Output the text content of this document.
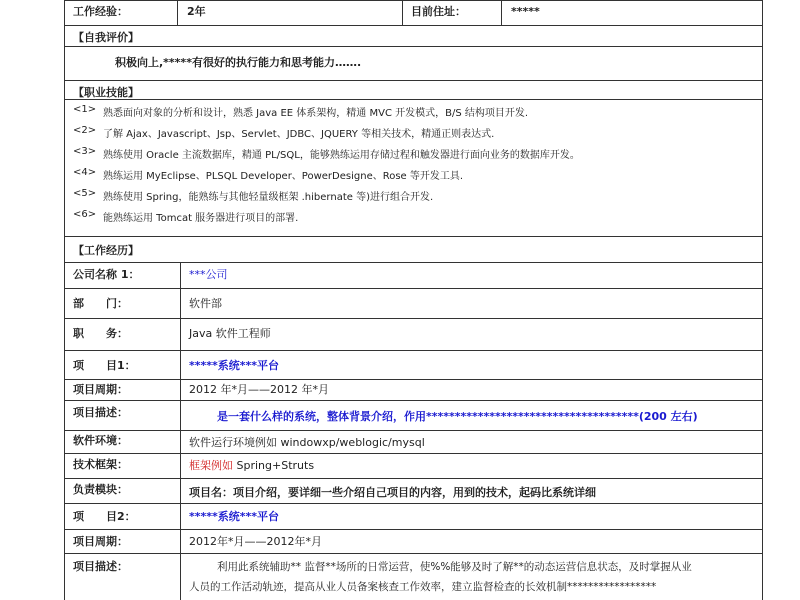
工作经验：	2年	目前住址：	*****
【自我评价】
积极向上,*****有很好的执行能力和思考能力…….
【职业技能】
<1> 熟悉面向对象的分析和设计，熟悉 Java EE 体系架构，精通 MVC 开发模式，B/S 结构项目开发.
<2> 了解 Ajax、Javascript、Jsp、Servlet、JDBC、JQUERY 等相关技术，精通正则表达式.
<3> 熟练使用 Oracle 主流数据库，精通 PL/SQL，能够熟练运用存储过程和触发器进行面向业务的数据库开发。
<4> 熟练运用 MyEclipse、PLSQL Developer、PowerDesigne、Rose 等开发工具.
<5> 熟练使用 Spring，能熟练与其他轻量级框架 .hibernate 等)进行组合开发.
<6> 能熟练运用 Tomcat 服务器进行项目的部署.
【工作经历】
公司名称 1：	***公司
部　　门：	软件部
职　　务：	Java 软件工程师
项　　目1：	*****系统***平台
项目周期：	2012 年*月——2012 年*月
项目描述：	是一套什么样的系统，整体背景介绍，作用*************************************(200 左右)
软件环境：	软件运行环境例如 windowxp/weblogic/mysql
技术框架：	框架例如 Spring+Struts
负责模块：	项目名：项目介绍，要详细一些介绍自己项目的内容，用到的技术，起码比系统详细
项　　目2：	*****系统***平台
项目周期：	2012年*月——2012年*月
项目描述：	利用此系统辅助** 监督**场所的日常运营，使%%能够及时了解**的动态运营信息状态，及时掌握从业
人员的工作活动轨迹，提高从业人员备案核查工作效率，建立监督检查的长效机制*****************
